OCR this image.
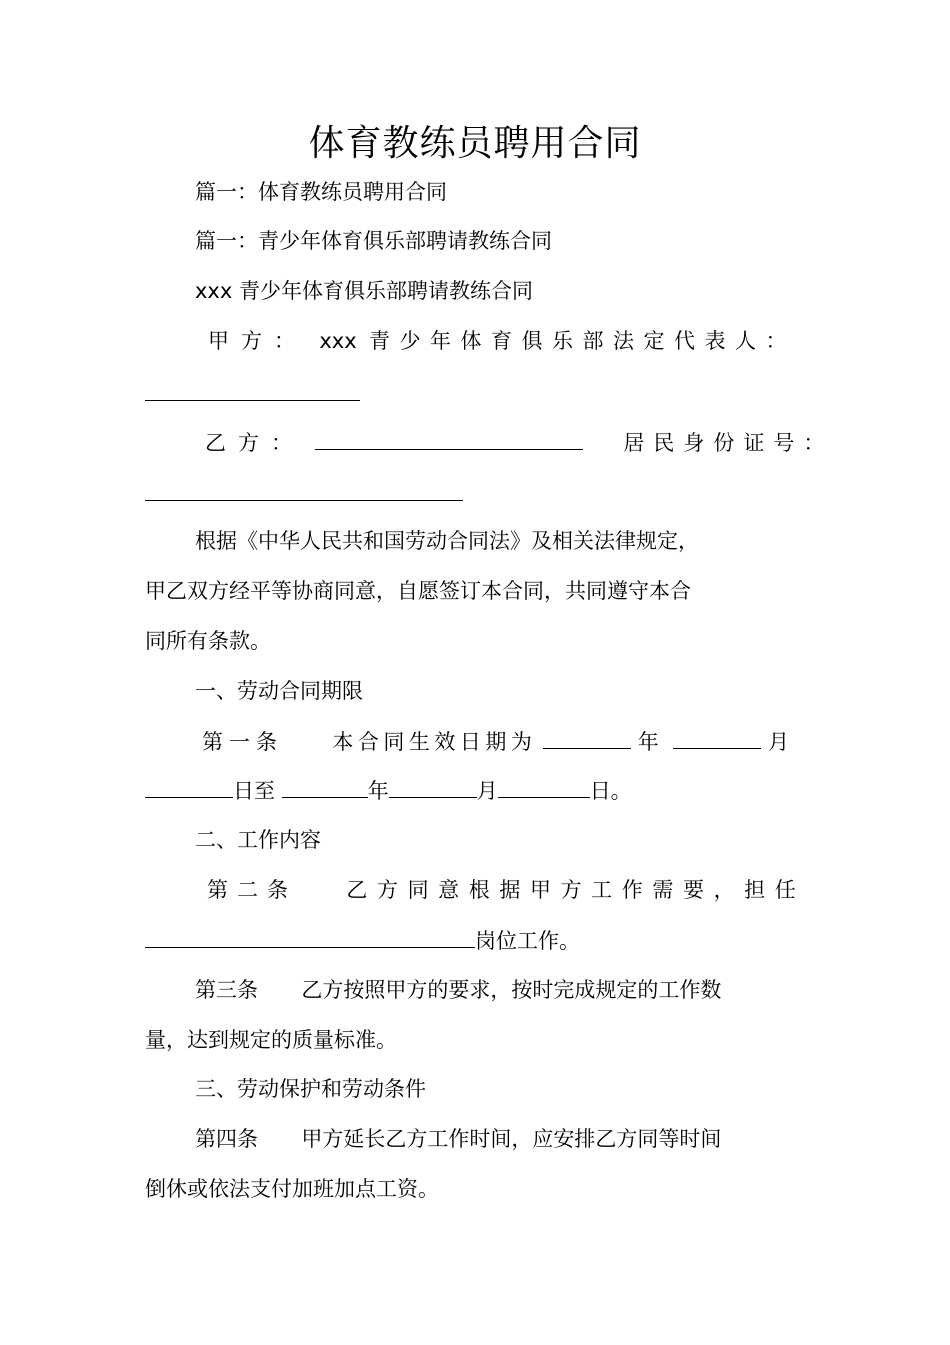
体育教练员聘用合同
篇一：体育教练员聘用合同
篇一：青少年体育俱乐部聘请教练合同
xxx 青少年体育俱乐部聘请教练合同
甲方： xxx 青少年体育俱乐部法定代表人：
乙方：	居民身份证号：
根据《中华人民共和国劳动合同法》及相关法律规定，
甲乙双方经平等协商同意，自愿签订本合同，共同遵守本合
同所有条款。
一、劳动合同期限
第一条 本合同生效日期为	年	月
日至	年	月	日。
二、工作内容
第二条 乙方同意根据甲方工作需要，担任
岗位工作。
第三条 乙方按照甲方的要求，按时完成规定的工作数
量，达到规定的质量标准。
三、劳动保护和劳动条件
第四条 甲方延长乙方工作时间，应安排乙方同等时间
倒休或依法支付加班加点工资。
